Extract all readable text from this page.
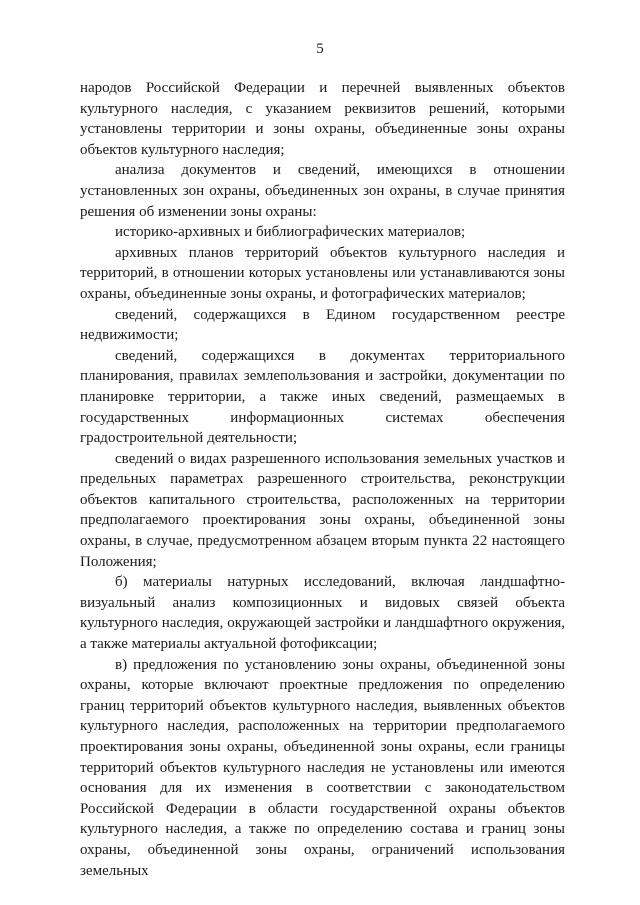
5

народов Российской Федерации и перечней выявленных объектов культурного наследия, с указанием реквизитов решений, которыми установлены территории и зоны охраны, объединенные зоны охраны объектов культурного наследия;

анализа документов и сведений, имеющихся в отношении установленных зон охраны, объединенных зон охраны, в случае принятия решения об изменении зоны охраны:

историко-архивных и библиографических материалов;

архивных планов территорий объектов культурного наследия и территорий, в отношении которых установлены или устанавливаются зоны охраны, объединенные зоны охраны, и фотографических материалов;

сведений, содержащихся в Едином государственном реестре недвижимости;

сведений, содержащихся в документах территориального планирования, правилах землепользования и застройки, документации по планировке территории, а также иных сведений, размещаемых в государственных информационных системах обеспечения градостроительной деятельности;

сведений о видах разрешенного использования земельных участков и предельных параметрах разрешенного строительства, реконструкции объектов капитального строительства, расположенных на территории предполагаемого проектирования зоны охраны, объединенной зоны охраны, в случае, предусмотренном абзацем вторым пункта 22 настоящего Положения;

б) материалы натурных исследований, включая ландшафтно-визуальный анализ композиционных и видовых связей объекта культурного наследия, окружающей застройки и ландшафтного окружения, а также материалы актуальной фотофиксации;

в) предложения по установлению зоны охраны, объединенной зоны охраны, которые включают проектные предложения по определению границ территорий объектов культурного наследия, выявленных объектов культурного наследия, расположенных на территории предполагаемого проектирования зоны охраны, объединенной зоны охраны, если границы территорий объектов культурного наследия не установлены или имеются основания для их изменения в соответствии с законодательством Российской Федерации в области государственной охраны объектов культурного наследия, а также по определению состава и границ зоны охраны, объединенной зоны охраны, ограничений использования земельных
